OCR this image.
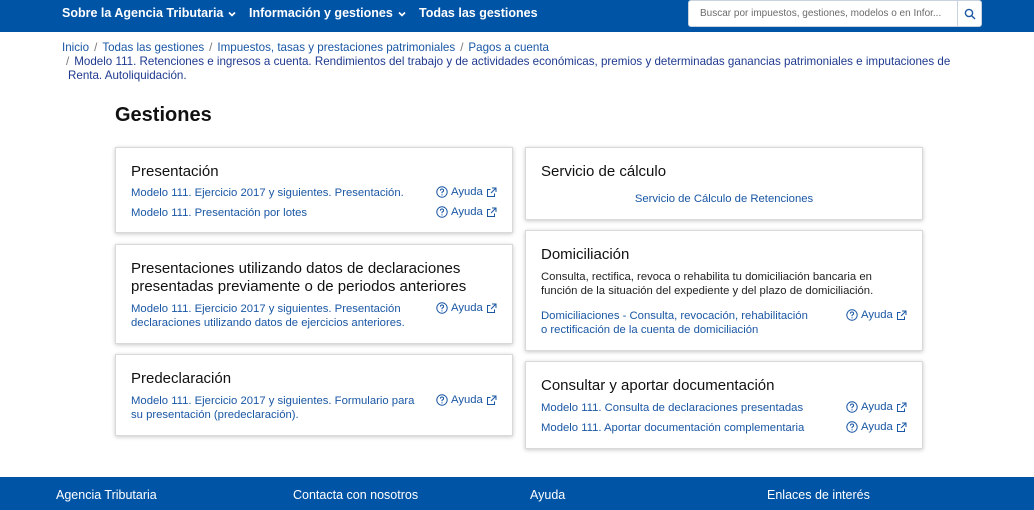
Sobre la Agencia Tributaria	Información y gestiones	Todas las gestiones
Buscar por impuestos, gestiones, modelos o en Infor...
Inicio / Todas las gestiones / Impuestos, tasas y prestaciones patrimoniales / Pagos a cuenta
/ Modelo 111. Retenciones e ingresos a cuenta. Rendimientos del trabajo y de actividades económicas, premios y determinadas ganancias patrimoniales e imputaciones de
Renta. Autoliquidación.
Gestiones
Presentación
Modelo 111. Ejercicio 2017 y siguientes. Presentación.	Ayuda
Modelo 111. Presentación por lotes	Ayuda
Presentaciones utilizando datos de declaraciones
presentadas previamente o de periodos anteriores
Modelo 111. Ejercicio 2017 y siguientes. Presentación
declaraciones utilizando datos de ejercicios anteriores.
Ayuda
Predeclaración
Modelo 111. Ejercicio 2017 y siguientes. Formulario para
su presentación (predeclaración).
Ayuda
Servicio de cálculo
Servicio de Cálculo de Retenciones
Domiciliación
Consulta, rectifica, revoca o rehabilita tu domiciliación bancaria en
función de la situación del expediente y del plazo de domiciliación.
Domiciliaciones - Consulta, revocación, rehabilitación
o rectificación de la cuenta de domiciliación
Ayuda
Consultar y aportar documentación
Modelo 111. Consulta de declaraciones presentadas	Ayuda
Modelo 111. Aportar documentación complementaria	Ayuda
Agencia Tributaria	Contacta con nosotros	Ayuda	Enlaces de interés
